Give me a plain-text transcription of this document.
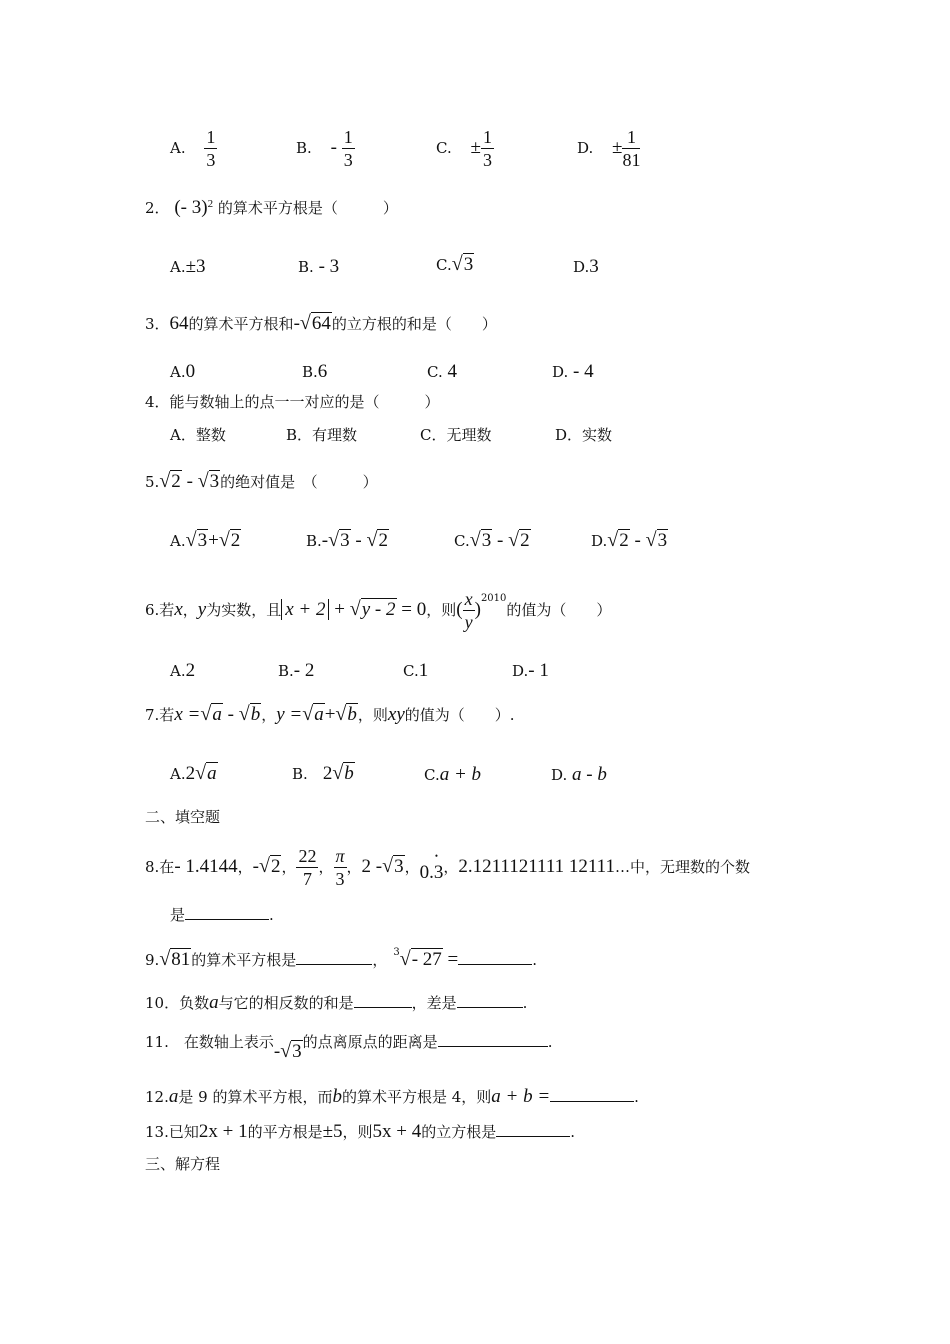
A. $\frac{1}{3}$	B. - $\frac{1}{3}$	C. ± $\frac{1}{3}$	D. ± $\frac{1}{81}$
2． (- 3)$^2$ 的算术平方根是（　　　）
A.±3	B. - 3	C.√3	D.3
3．64的算术平方根和-√64的立方根的和是（　　）
A.0	B.6	C. 4	D. - 4
4．能与数轴上的点一一对应的是（　　　）
A．整数	B．有理数	C．无理数	D．实数
5.√2 - √3的绝对值是　（　　　）
A.√3+√2	B.-√3 - √2	C.√3 - √2	D.√2 - √3
6.若x，y为实数，且 x + 2 + √y - 2 = 0，则( $\frac{x}{y} )^{2010}$的值为（　　）
A.2	B.- 2	C.1	D.- 1
7.若x =√a - √b，y =√a+√b，则xy的值为（　　）.
A.2√a	B.　 2√b	C.a + b	D. a - b
二、填空题
8.在- 1.4144，-√2， $\frac{22}{7}$ ， $\frac{\pi}{3}$ ，2 -√3，0.• 3，2.1211121111 12111…中，无理数的个数
是	.
9.√81的算术平方根是	， $^3$√- 27 =	.
10．负数a与它的相反数的和是	，差是	.
11.　在数轴上表示-√3的点离原点的距离是	.
12.a是 9 的算术平方根，而b的算术平方根是 4，则a + b =	.
13.已知2x + 1的平方根是±5，则5x + 4的立方根是	.
三、解方程
